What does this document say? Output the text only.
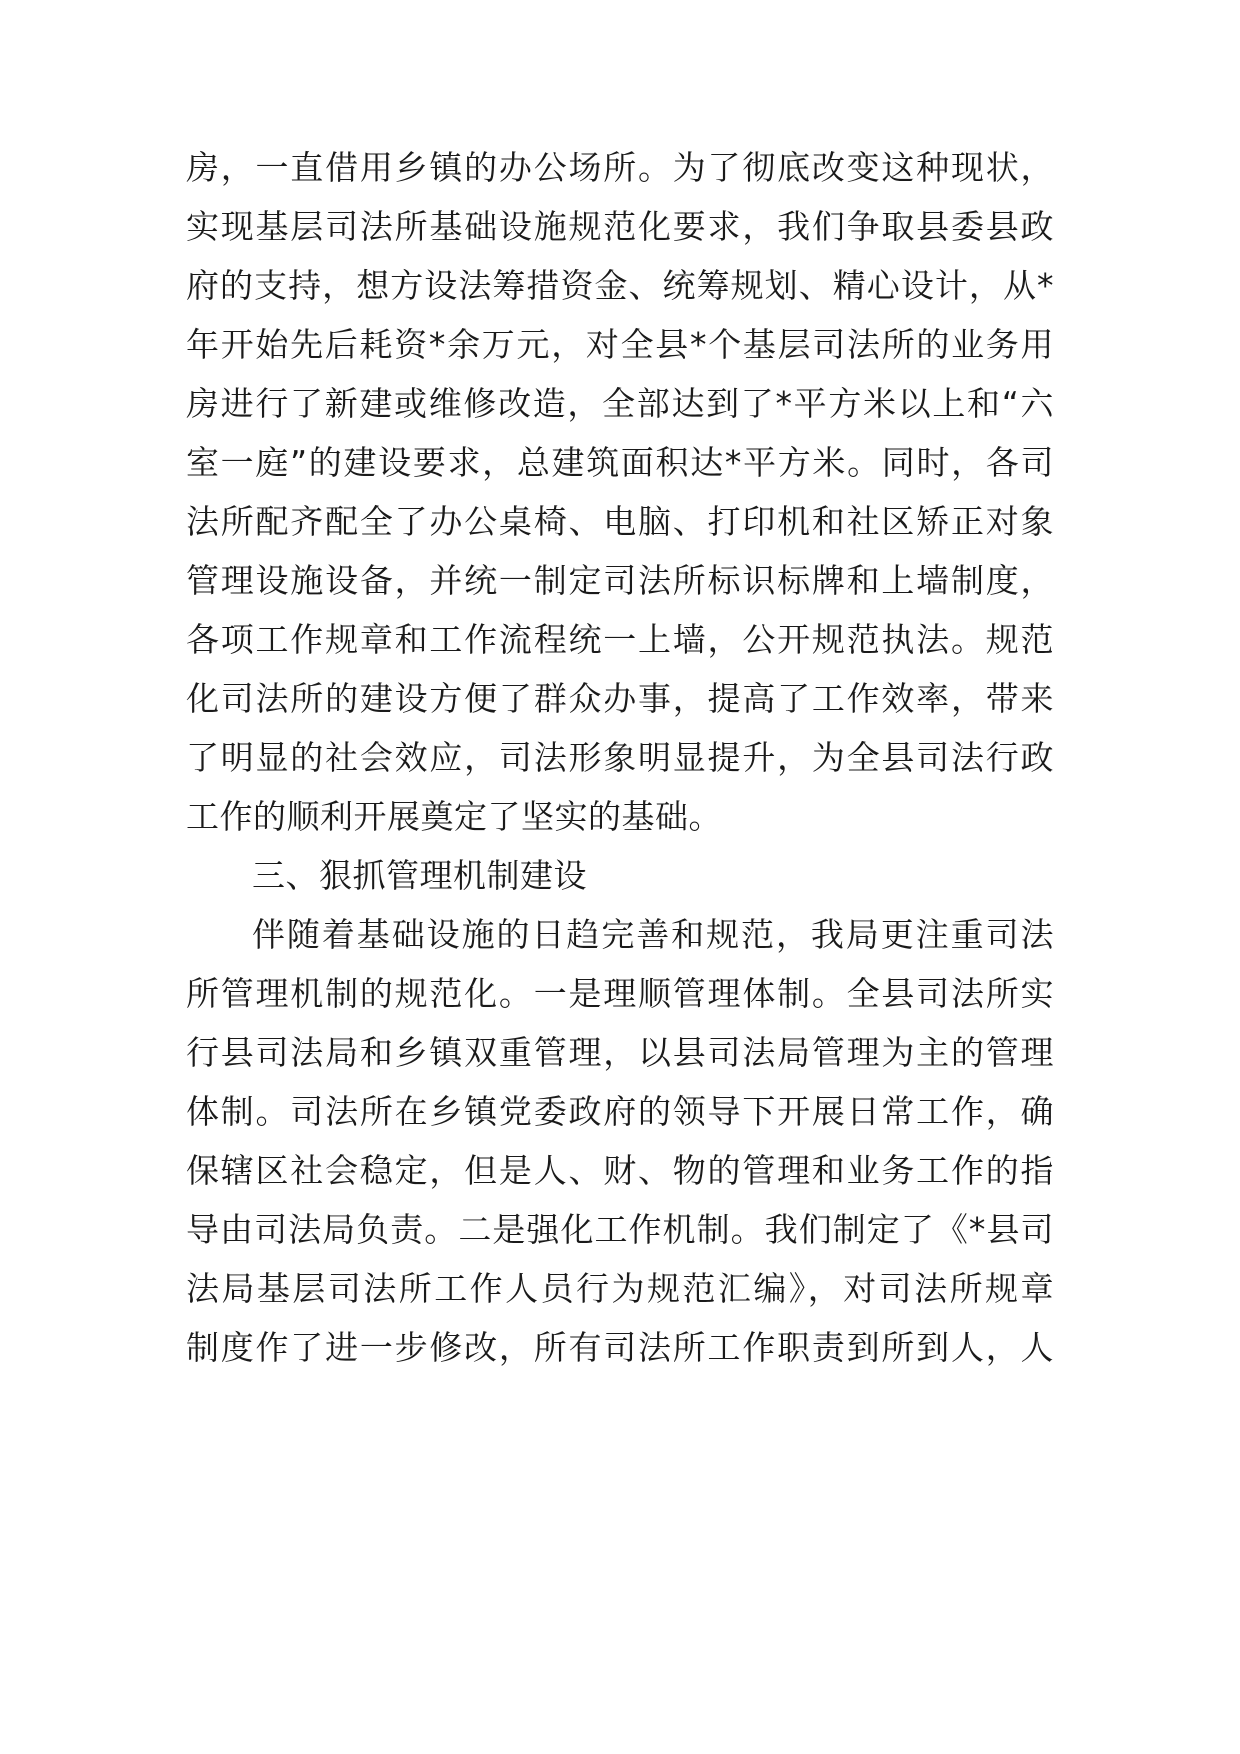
房，一直借用乡镇的办公场所。为了彻底改变这种现状，
实现基层司法所基础设施规范化要求，我们争取县委县政
府的支持，想方设法筹措资金、统筹规划、精心设计，从*
年开始先后耗资*余万元，对全县*个基层司法所的业务用
房进行了新建或维修改造，全部达到了*平方米以上和“六
室一庭”的建设要求，总建筑面积达*平方米。同时，各司
法所配齐配全了办公桌椅、电脑、打印机和社区矫正对象
管理设施设备，并统一制定司法所标识标牌和上墙制度，
各项工作规章和工作流程统一上墙，公开规范执法。规范
化司法所的建设方便了群众办事，提高了工作效率，带来
了明显的社会效应，司法形象明显提升，为全县司法行政
工作的顺利开展奠定了坚实的基础。
三、狠抓管理机制建设
伴随着基础设施的日趋完善和规范，我局更注重司法
所管理机制的规范化。一是理顺管理体制。全县司法所实
行县司法局和乡镇双重管理，以县司法局管理为主的管理
体制。司法所在乡镇党委政府的领导下开展日常工作，确
保辖区社会稳定，但是人、财、物的管理和业务工作的指
导由司法局负责。二是强化工作机制。我们制定了《*县司
法局基层司法所工作人员行为规范汇编》，对司法所规章
制度作了进一步修改，所有司法所工作职责到所到人，人
